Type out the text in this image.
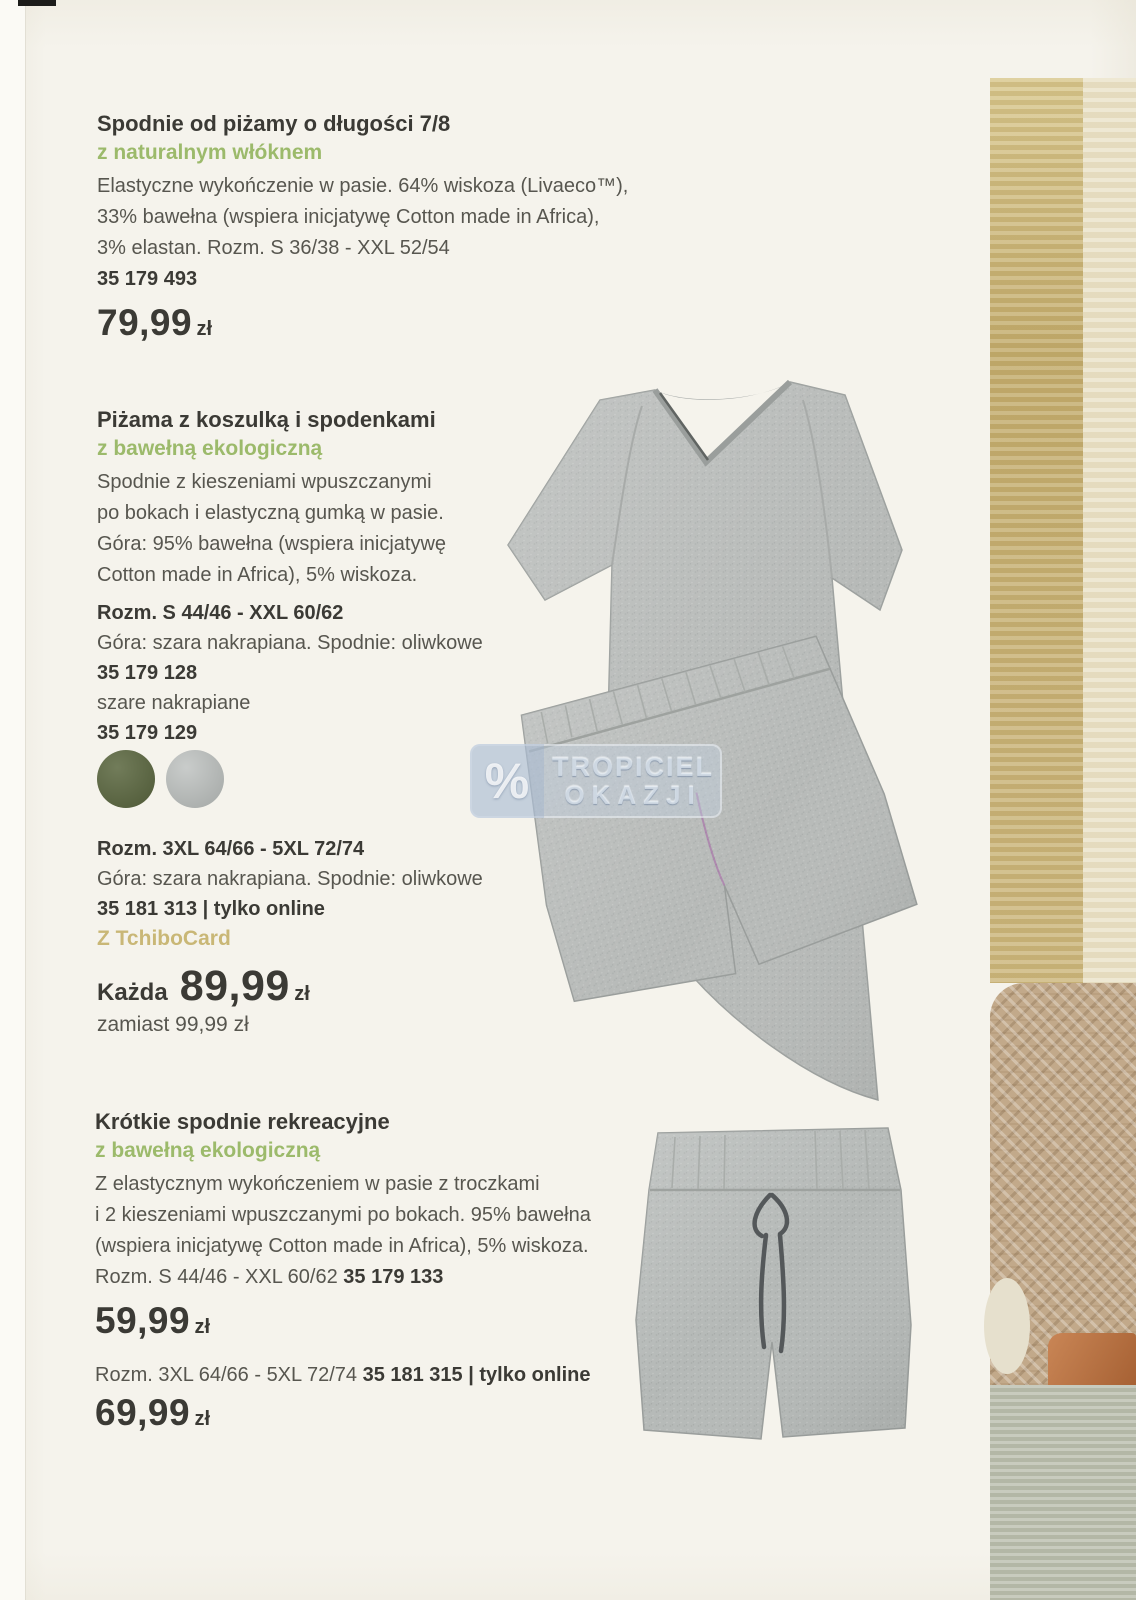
% TROPICIEL
OKAZJI
Spodnie od piżamy o długości 7/8
z naturalnym włóknem
Elastyczne wykończenie w pasie. 64% wiskoza (Livaeco™),
33% bawełna (wspiera inicjatywę Cotton made in Africa),
3% elastan. Rozm. S 36/38 - XXL 52/54
35 179 493
79,99 zł
Piżama z koszulką i spodenkami
z bawełną ekologiczną
Spodnie z kieszeniami wpuszczanymi
po bokach i elastyczną gumką w pasie.
Góra: 95% bawełna (wspiera inicjatywę
Cotton made in Africa), 5% wiskoza.
Rozm. S 44/46 - XXL 60/62
Góra: szara nakrapiana. Spodnie: oliwkowe
35 179 128
szare nakrapiane
35 179 129
Rozm. 3XL 64/66 - 5XL 72/74
Góra: szara nakrapiana. Spodnie: oliwkowe
35 181 313 | tylko online
Z TchiboCard
Każda 89,99 zł
zamiast 99,99 zł
Krótkie spodnie rekreacyjne
z bawełną ekologiczną
Z elastycznym wykończeniem w pasie z troczkami
i 2 kieszeniami wpuszczanymi po bokach. 95% bawełna
(wspiera inicjatywę Cotton made in Africa), 5% wiskoza.
Rozm. S 44/46 - XXL 60/62 35 179 133
59,99 zł
Rozm. 3XL 64/66 - 5XL 72/74 35 181 315 | tylko online
69,99 zł
